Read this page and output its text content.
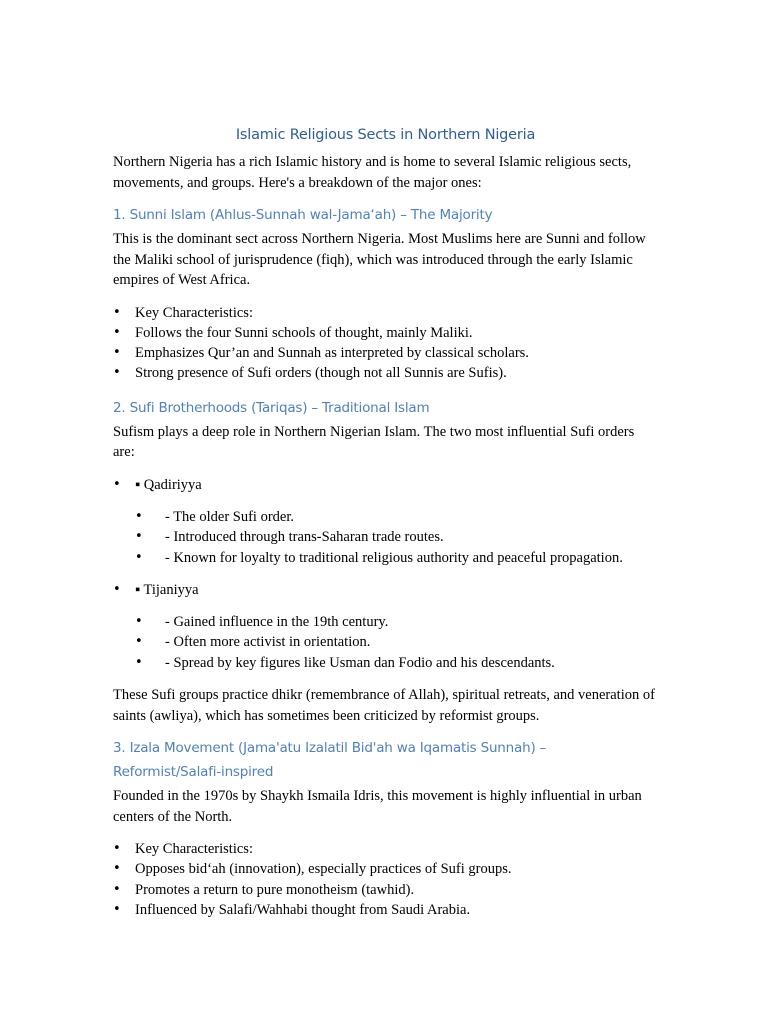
Islamic Religious Sects in Northern Nigeria

Northern Nigeria has a rich Islamic history and is home to several Islamic religious sects, movements, and groups. Here's a breakdown of the major ones:

1. Sunni Islam (Ahlus-Sunnah wal-Jama‘ah) – The Majority

This is the dominant sect across Northern Nigeria. Most Muslims here are Sunni and follow the Maliki school of jurisprudence (fiqh), which was introduced through the early Islamic empires of West Africa.

• Key Characteristics:
• Follows the four Sunni schools of thought, mainly Maliki.
• Emphasizes Qur’an and Sunnah as interpreted by classical scholars.
• Strong presence of Sufi orders (though not all Sunnis are Sufis).
2. Sufi Brotherhoods (Tariqas) – Traditional Islam

Sufism plays a deep role in Northern Nigerian Islam. The two most influential Sufi orders are:

• ▪ Qadiriyya
• - The older Sufi order.
• - Introduced through trans-Saharan trade routes.
• - Known for loyalty to traditional religious authority and peaceful propagation.
• ▪ Tijaniyya
• - Gained influence in the 19th century.
• - Often more activist in orientation.
• - Spread by key figures like Usman dan Fodio and his descendants.

These Sufi groups practice dhikr (remembrance of Allah), spiritual retreats, and veneration of saints (awliya), which has sometimes been criticized by reformist groups.

3. Izala Movement (Jama'atu Izalatil Bid'ah wa Iqamatis Sunnah) – Reformist/Salafi-inspired

Founded in the 1970s by Shaykh Ismaila Idris, this movement is highly influential in urban centers of the North.

• Key Characteristics:
• Opposes bid‘ah (innovation), especially practices of Sufi groups.
• Promotes a return to pure monotheism (tawhid).
• Influenced by Salafi/Wahhabi thought from Saudi Arabia.
